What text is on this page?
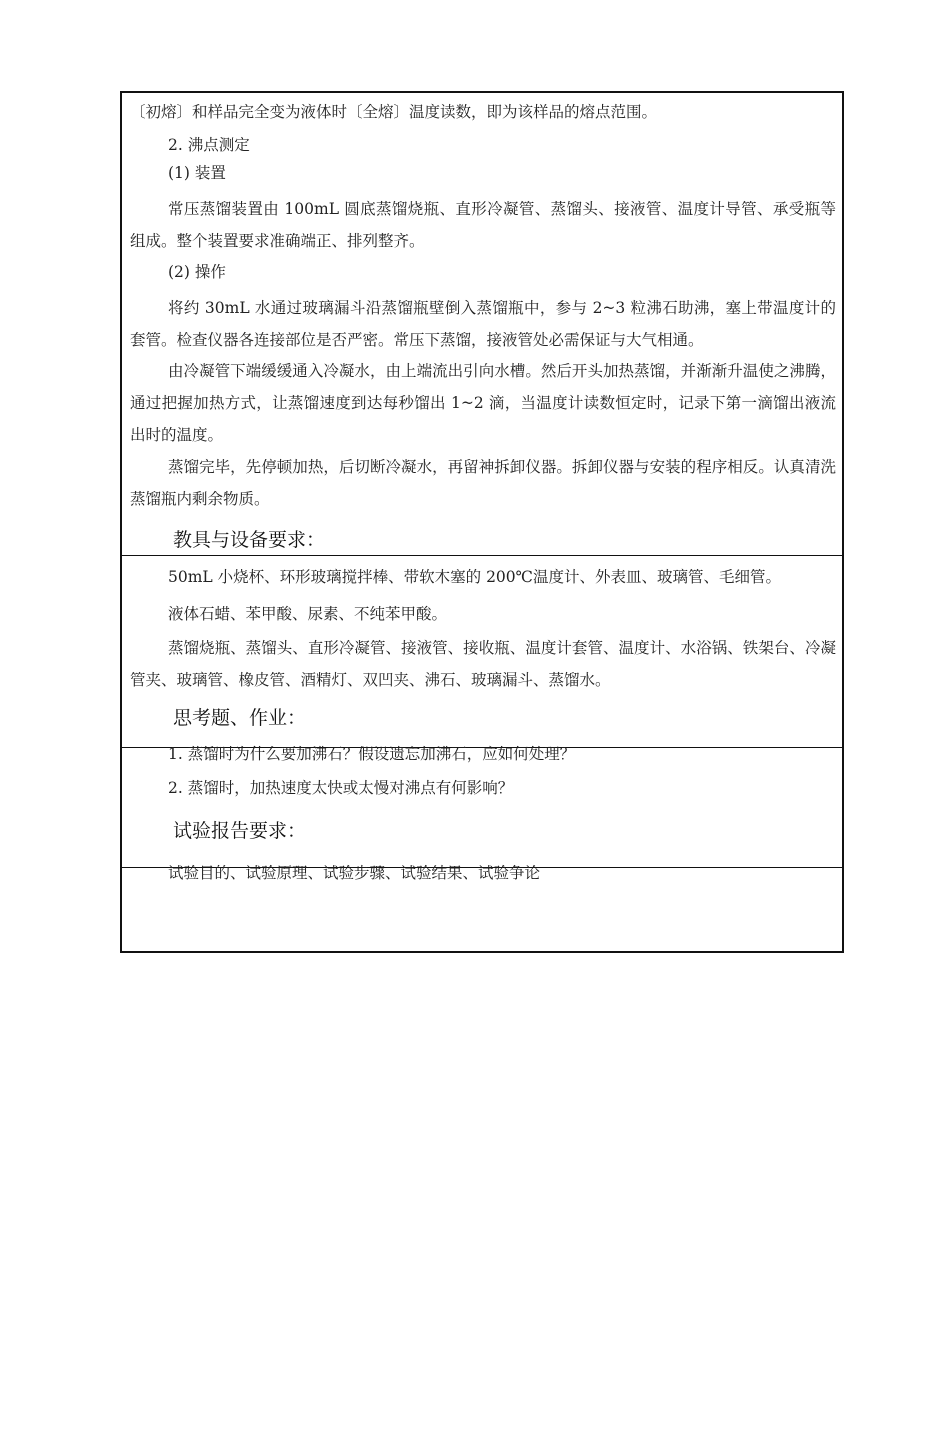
〔初熔〕和样品完全变为液体时〔全熔〕温度读数，即为该样品的熔点范围。
2. 沸点测定
(1) 装置
常压蒸馏装置由 100mL 圆底蒸馏烧瓶、直形冷凝管、蒸馏头、接液管、温度计导管、承受瓶等组成。整个装置要求准确端正、排列整齐。
(2) 操作
将约 30mL 水通过玻璃漏斗沿蒸馏瓶壁倒入蒸馏瓶中，参与 2~3 粒沸石助沸，塞上带温度计的套管。检查仪器各连接部位是否严密。常压下蒸馏，接液管处必需保证与大气相通。
由冷凝管下端缓缓通入冷凝水，由上端流出引向水槽。然后开头加热蒸馏，并渐渐升温使之沸腾，通过把握加热方式，让蒸馏速度到达每秒馏出 1~2 滴，当温度计读数恒定时，记录下第一滴馏出液流出时的温度。
蒸馏完毕，先停顿加热，后切断冷凝水，再留神拆卸仪器。拆卸仪器与安装的程序相反。认真清洗蒸馏瓶内剩余物质。
教具与设备要求：
50mL 小烧杯、环形玻璃搅拌棒、带软木塞的 200℃温度计、外表皿、玻璃管、毛细管。
液体石蜡、苯甲酸、尿素、不纯苯甲酸。
蒸馏烧瓶、蒸馏头、直形冷凝管、接液管、接收瓶、温度计套管、温度计、水浴锅、铁架台、冷凝管夹、玻璃管、橡皮管、酒精灯、双凹夹、沸石、玻璃漏斗、蒸馏水。
思考题、作业：
1. 蒸馏时为什么要加沸石？假设遗忘加沸石，应如何处理？
2. 蒸馏时，加热速度太快或太慢对沸点有何影响？
试验报告要求：
试验目的、试验原理、试验步骤、试验结果、试验争论
